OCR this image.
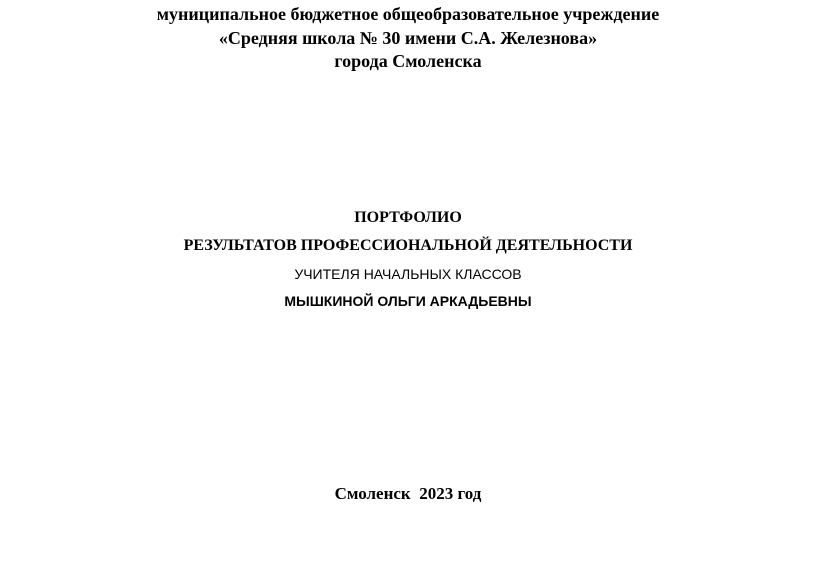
муниципальное бюджетное общеобразовательное учреждение
«Средняя школа № 30 имени С.А. Железнова»
города Смоленска
ПОРТФОЛИО
РЕЗУЛЬТАТОВ ПРОФЕССИОНАЛЬНОЙ ДЕЯТЕЛЬНОСТИ
УЧИТЕЛЯ НАЧАЛЬНЫХ КЛАССОВ
МЫШКИНОЙ ОЛЬГИ АРКАДЬЕВНЫ
Смоленск  2023 год
